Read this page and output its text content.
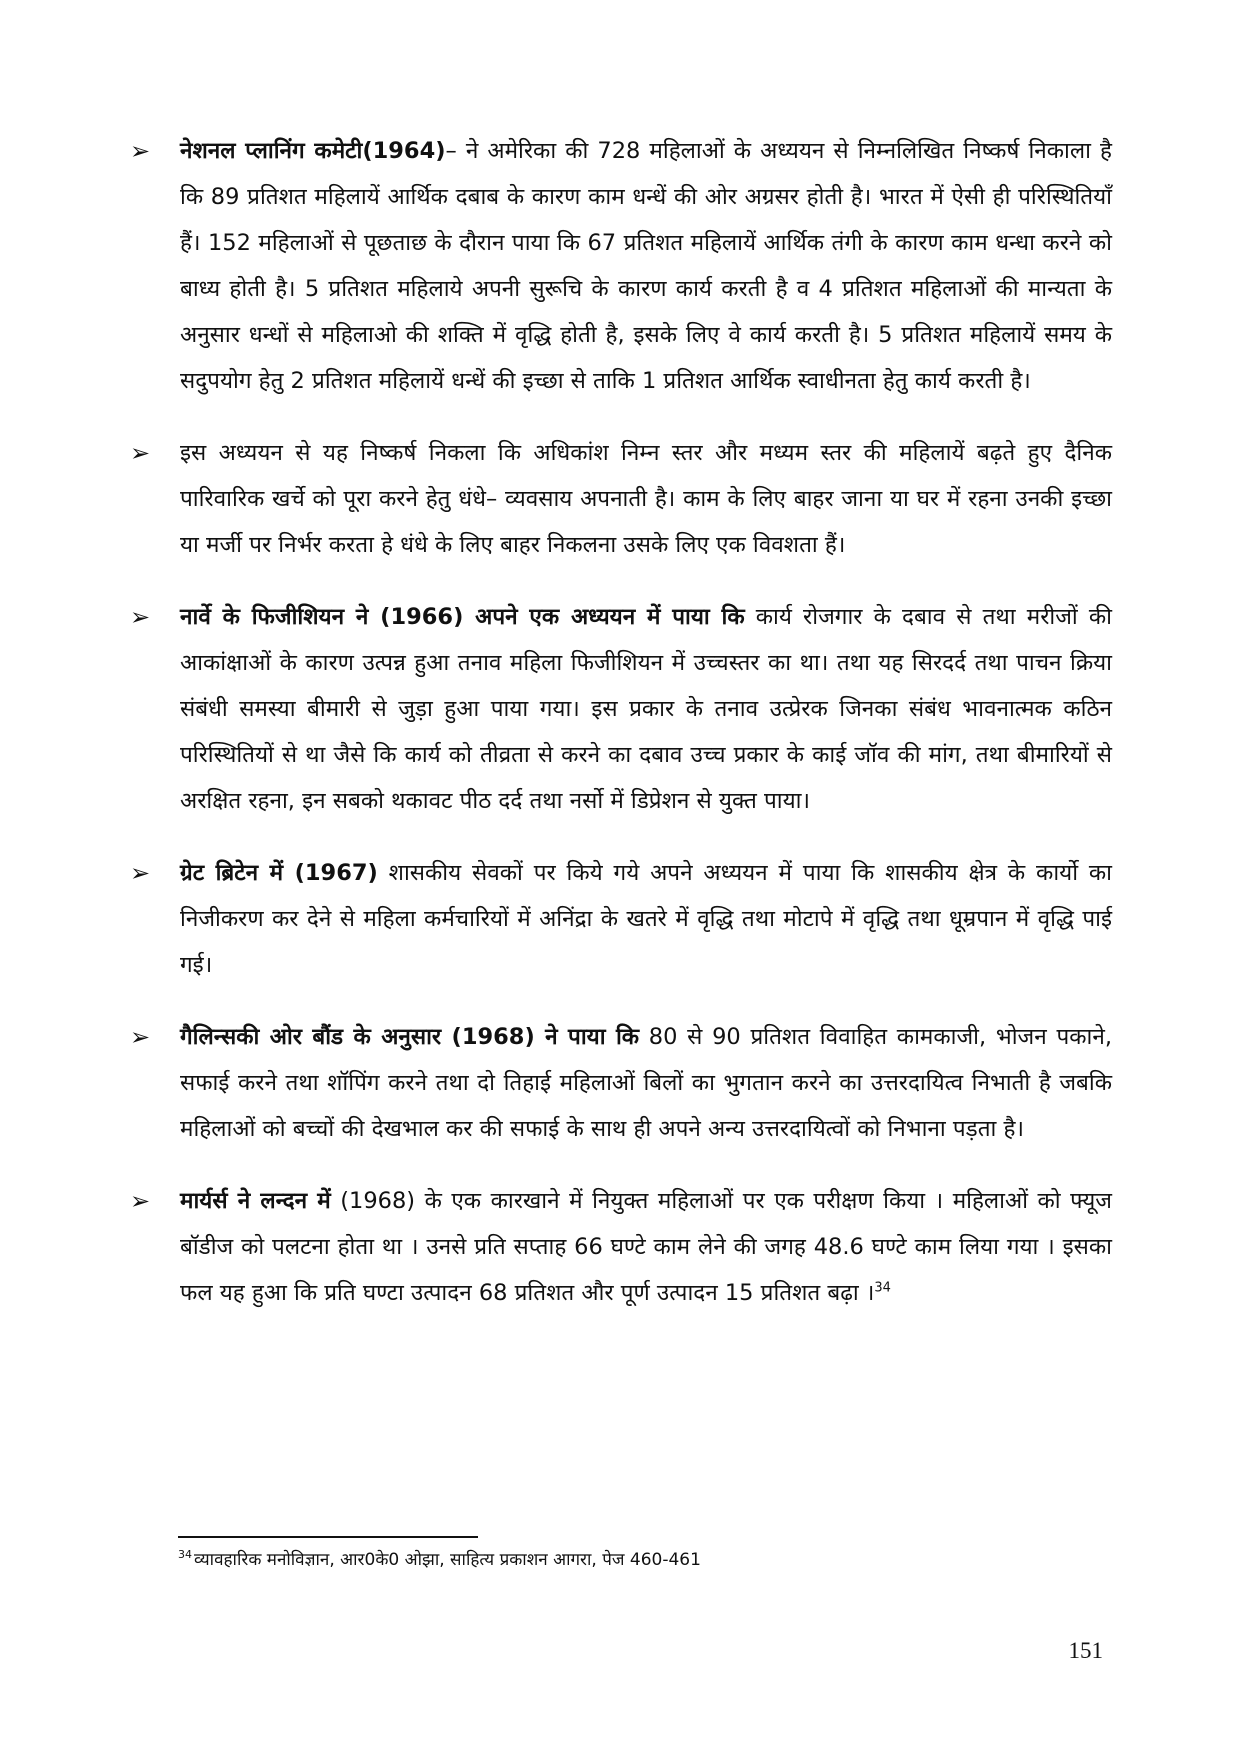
➢ नेशनल प्लानिंग कमेटी(1964)– ने अमेरिका की 728 महिलाओं के अध्ययन से निम्नलिखित निष्कर्ष निकाला है कि 89 प्रतिशत महिलायें आर्थिक दबाब के कारण काम धन्धें की ओर अग्रसर होती है। भारत में ऐसी ही परिस्थितियाँ हैं। 152 महिलाओं से पूछताछ के दौरान पाया कि 67 प्रतिशत महिलायें आर्थिक तंगी के कारण काम धन्धा करने को बाध्य होती है। 5 प्रतिशत महिलाये अपनी सुरूचि के कारण कार्य करती है व 4 प्रतिशत महिलाओं की मान्यता के अनुसार धन्धों से महिलाओ की शक्ति में वृद्धि होती है, इसके लिए वे कार्य करती है। 5 प्रतिशत महिलायें समय के सदुपयोग हेतु 2 प्रतिशत महिलायें धन्धें की इच्छा से ताकि 1 प्रतिशत आर्थिक स्वाधीनता हेतु कार्य करती है।

➢ इस अध्ययन से यह निष्कर्ष निकला कि अधिकांश निम्न स्तर और मध्यम स्तर की महिलायें बढ़ते हुए दैनिक पारिवारिक खर्चे को पूरा करने हेतु धंधे– व्यवसाय अपनाती है। काम के लिए बाहर जाना या घर में रहना उनकी इच्छा या मर्जी पर निर्भर करता हे धंधे के लिए बाहर निकलना उसके लिए एक विवशता हैं।

➢ नार्वे के फिजीशियन ने (1966) अपने एक अध्ययन में पाया कि कार्य रोजगार के दबाव से तथा मरीजों की आकांक्षाओं के कारण उत्पन्न हुआ तनाव महिला फिजीशियन में उच्चस्तर का था। तथा यह सिरदर्द तथा पाचन क्रिया संबंधी समस्या बीमारी से जुड़ा हुआ पाया गया। इस प्रकार के तनाव उत्प्रेरक जिनका संबंध भावनात्मक कठिन परिस्थितियों से था जैसे कि कार्य को तीव्रता से करने का दबाव उच्च प्रकार के काई जॉव की मांग, तथा बीमारियों से अरक्षित रहना, इन सबको थकावट पीठ दर्द तथा नर्सो में डिप्रेशन से युक्त पाया।

➢ ग्रेट ब्रिटेन में (1967) शासकीय सेवकों पर किये गये अपने अध्ययन में पाया कि शासकीय क्षेत्र के कार्यो का निजीकरण कर देने से महिला कर्मचारियों में अनिंद्रा के खतरे में वृद्धि तथा मोटापे में वृद्धि तथा धूम्रपान में वृद्धि पाई गई।

➢ गैलिन्सकी ओर बौंड के अनुसार (1968) ने पाया कि 80 से 90 प्रतिशत विवाहित कामकाजी, भोजन पकाने, सफाई करने तथा शॉपिंग करने तथा दो तिहाई महिलाओं बिलों का भुगतान करने का उत्तरदायित्व निभाती है जबकि महिलाओं को बच्चों की देखभाल कर की सफाई के साथ ही अपने अन्य उत्तरदायित्वों को निभाना पड़ता है।

➢ मार्यर्स ने लन्दन में (1968) के एक कारखाने में नियुक्त महिलाओं पर एक परीक्षण किया । महिलाओं को फ्यूज बॉडीज को पलटना होता था । उनसे प्रति सप्ताह 66 घण्टे काम लेने की जगह 48.6 घण्टे काम लिया गया । इसका फल यह हुआ कि प्रति घण्टा उत्पादन 68 प्रतिशत और पूर्ण उत्पादन 15 प्रतिशत बढ़ा ।$^{34}$

$^{34}$ व्यावहारिक मनोविज्ञान, आर0के0 ओझा, साहित्य प्रकाशन आगरा, पेज 460-461
151
